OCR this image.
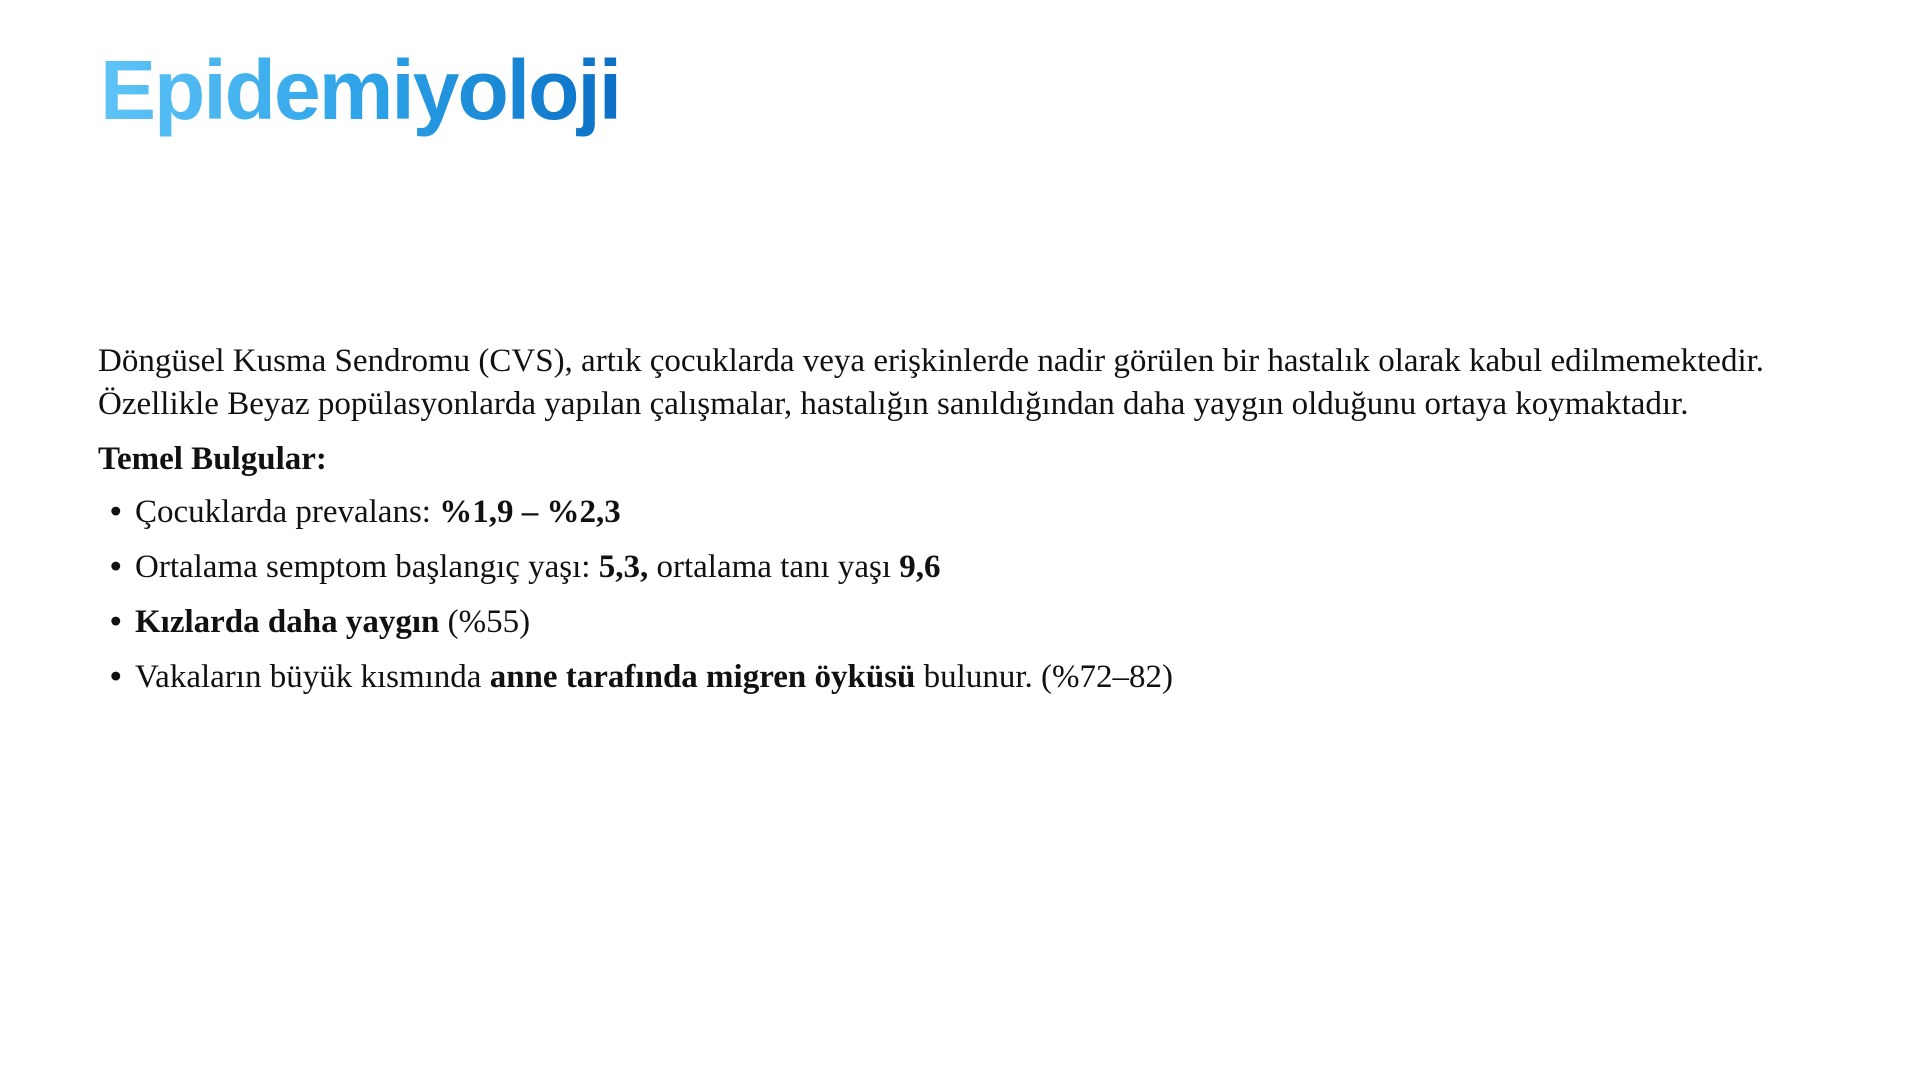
Epidemiyoloji

Döngüsel Kusma Sendromu (CVS), artık çocuklarda veya erişkinlerde nadir görülen bir hastalık olarak kabul edilmemektedir. Özellikle Beyaz popülasyonlarda yapılan çalışmalar, hastalığın sanıldığından daha yaygın olduğunu ortaya koymaktadır.

Temel Bulgular:

• Çocuklarda prevalans: %1,9 – %2,3
• Ortalama semptom başlangıç yaşı: 5,3, ortalama tanı yaşı 9,6
• Kızlarda daha yaygın (%55)
• Vakaların büyük kısmında anne tarafında migren öyküsü bulunur. (%72–82)
